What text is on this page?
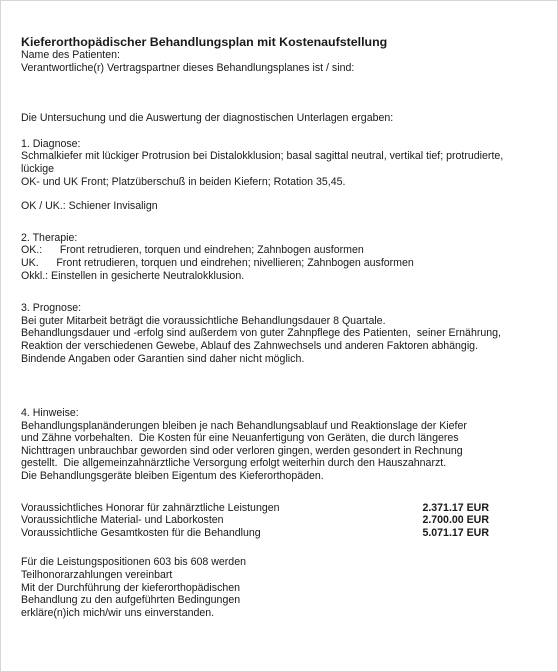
Kieferorthopädischer Behandlungsplan mit Kostenaufstellung
Name des Patienten:
Verantwortliche(r) Vertragspartner dieses Behandlungsplanes ist / sind:
Die Untersuchung und die Auswertung der diagnostischen Unterlagen ergaben:
1. Diagnose:
Schmalkiefer mit lückiger Protrusion bei Distalokklusion; basal sagittal neutral, vertikal tief; protrudierte,
lückige
OK- und UK Front; Platzüberschuß in beiden Kiefern; Rotation 35,45.
OK / UK.: Schiener Invisalign
2. Therapie:
OK.:      Front retrudieren, torquen und eindrehen; Zahnbogen ausformen
UK.      Front retrudieren, torquen und eindrehen; nivellieren; Zahnbogen ausformen
Okkl.: Einstellen in gesicherte Neutralokklusion.
3. Prognose:
Bei guter Mitarbeit beträgt die voraussichtliche Behandlungsdauer 8 Quartale.
Behandlungsdauer und -erfolg sind außerdem von guter Zahnpflege des Patienten,  seiner Ernährung,
Reaktion der verschiedenen Gewebe, Ablauf des Zahnwechsels und anderen Faktoren abhängig.
Bindende Angaben oder Garantien sind daher nicht möglich.
4. Hinweise:
Behandlungsplanänderungen bleiben je nach Behandlungsablauf und Reaktionslage der Kiefer
und Zähne vorbehalten.  Die Kosten für eine Neuanfertigung von Geräten, die durch längeres
Nichttragen unbrauchbar geworden sind oder verloren gingen, werden gesondert in Rechnung
gestellt.  Die allgemeinzahnärztliche Versorgung erfolgt weiterhin durch den Hauszahnarzt.
Die Behandlungsgeräte bleiben Eigentum des Kieferorthopäden.
Voraussichtliches Honorar für zahnärztliche Leistungen	2.371.17 EUR
Voraussichtliche Material- und Laborkosten	2.700.00 EUR
Voraussichtliche Gesamtkosten für die Behandlung	5.071.17 EUR
Für die Leistungspositionen 603 bis 608 werden
Teilhonorarzahlungen vereinbart
Mit der Durchführung der kieferorthopädischen
Behandlung zu den aufgeführten Bedingungen
erkläre(n)ich mich/wir uns einverstanden.
